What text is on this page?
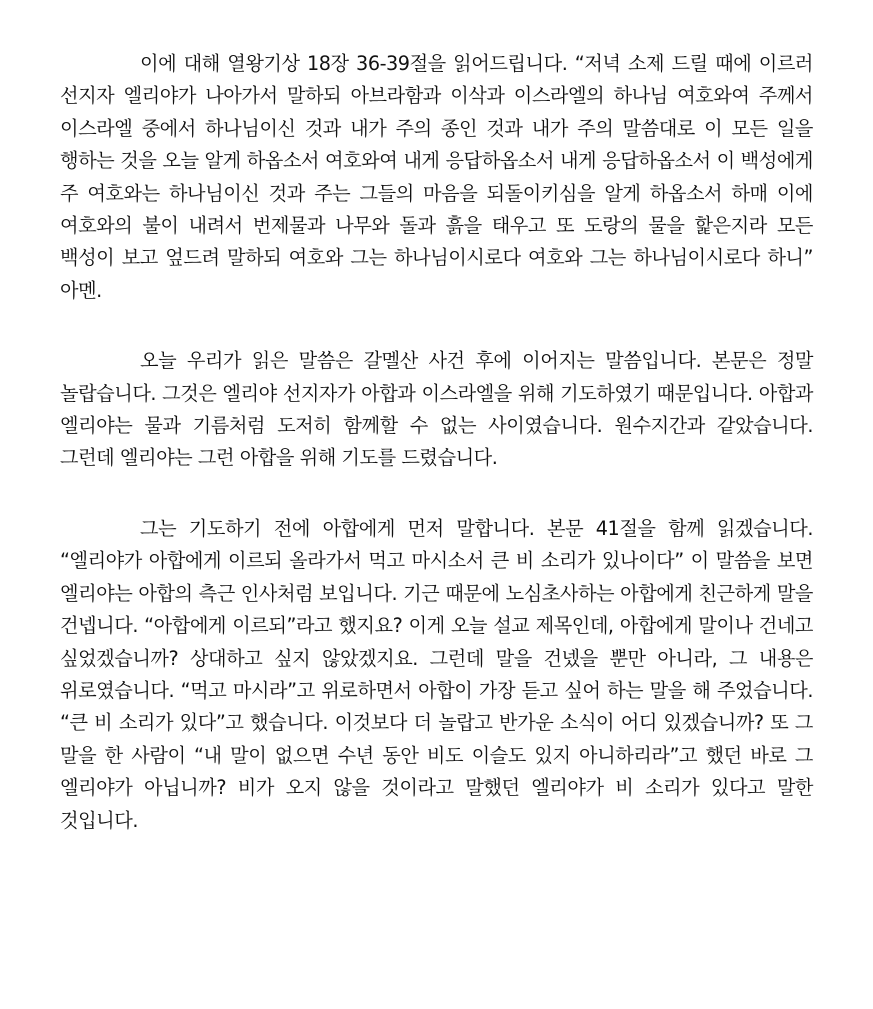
이에 대해 열왕기상 18장 36-39절을 읽어드립니다. “저녁 소제 드릴 때에 이르러 선지자 엘리야가 나아가서 말하되 아브라함과 이삭과 이스라엘의 하나님 여호와여 주께서 이스라엘 중에서 하나님이신 것과 내가 주의 종인 것과 내가 주의 말씀대로 이 모든 일을 행하는 것을 오늘 알게 하옵소서 여호와여 내게 응답하옵소서 내게 응답하옵소서 이 백성에게 주 여호와는 하나님이신 것과 주는 그들의 마음을 되돌이키심을 알게 하옵소서 하매 이에 여호와의 불이 내려서 번제물과 나무와 돌과 흙을 태우고 또 도랑의 물을 핥은지라 모든 백성이 보고 엎드려 말하되 여호와 그는 하나님이시로다 여호와 그는 하나님이시로다 하니” 아멘.

오늘 우리가 읽은 말씀은 갈멜산 사건 후에 이어지는 말씀입니다. 본문은 정말 놀랍습니다. 그것은 엘리야 선지자가 아합과 이스라엘을 위해 기도하였기 때문입니다. 아합과 엘리야는 물과 기름처럼 도저히 함께할 수 없는 사이였습니다. 원수지간과 같았습니다. 그런데 엘리야는 그런 아합을 위해 기도를 드렸습니다.

그는 기도하기 전에 아합에게 먼저 말합니다. 본문 41절을 함께 읽겠습니다. “엘리야가 아합에게 이르되 올라가서 먹고 마시소서 큰 비 소리가 있나이다” 이 말씀을 보면 엘리야는 아합의 측근 인사처럼 보입니다. 기근 때문에 노심초사하는 아합에게 친근하게 말을 건넵니다. “아합에게 이르되”라고 했지요? 이게 오늘 설교 제목인데, 아합에게 말이나 건네고 싶었겠습니까? 상대하고 싶지 않았겠지요. 그런데 말을 건넸을 뿐만 아니라, 그 내용은 위로였습니다. “먹고 마시라”고 위로하면서 아합이 가장 듣고 싶어 하는 말을 해 주었습니다. “큰 비 소리가 있다”고 했습니다. 이것보다 더 놀랍고 반가운 소식이 어디 있겠습니까? 또 그 말을 한 사람이 “내 말이 없으면 수년 동안 비도 이슬도 있지 아니하리라”고 했던 바로 그 엘리야가 아닙니까? 비가 오지 않을 것이라고 말했던 엘리야가 비 소리가 있다고 말한 것입니다.
